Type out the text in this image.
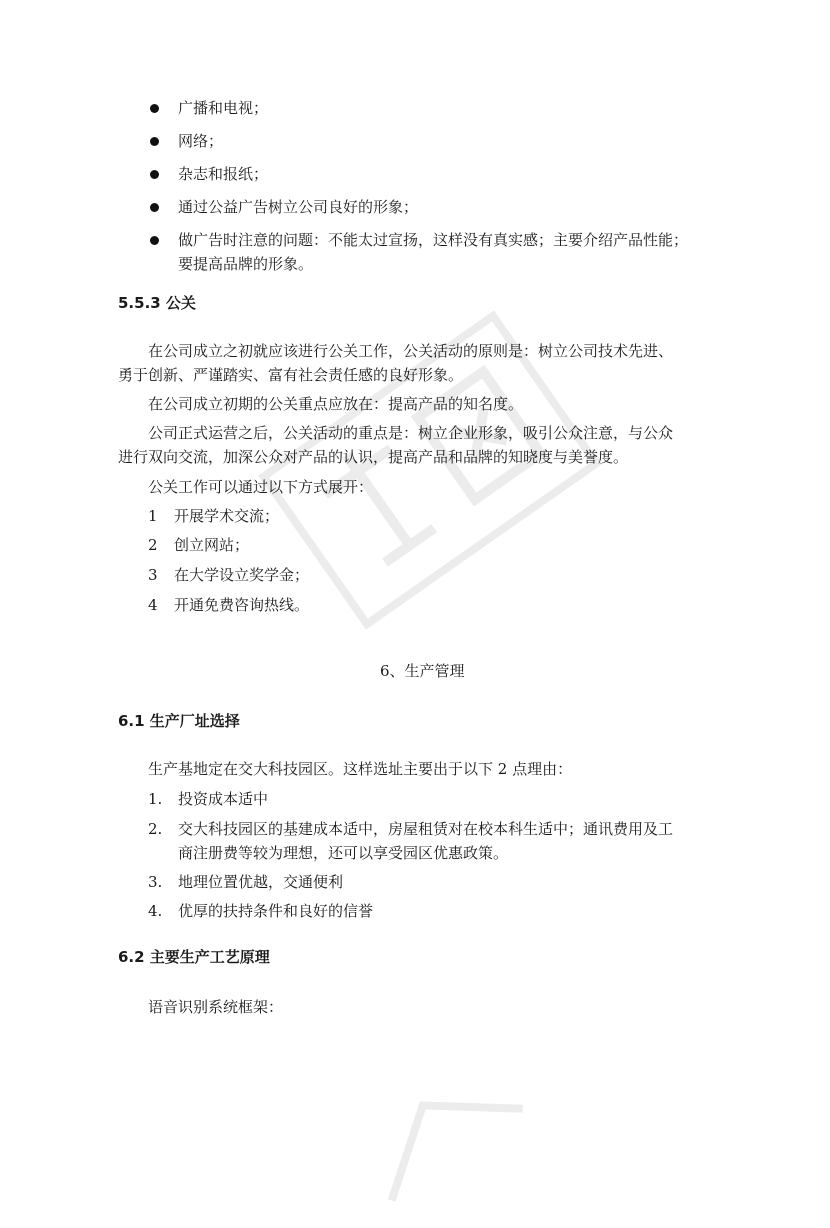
广播和电视；
网络；
杂志和报纸；
通过公益广告树立公司良好的形象；
做广告时注意的问题：不能太过宣扬，这样没有真实感；主要介绍产品性能；
要提高品牌的形象。
5.5.3 公关
在公司成立之初就应该进行公关工作，公关活动的原则是：树立公司技术先进、
勇于创新、严谨踏实、富有社会责任感的良好形象。
在公司成立初期的公关重点应放在：提高产品的知名度。
公司正式运营之后，公关活动的重点是：树立企业形象，吸引公众注意，与公众
进行双向交流，加深公众对产品的认识，提高产品和品牌的知晓度与美誉度。
公关工作可以通过以下方式展开：
1 开展学术交流；
2 创立网站；
3 在大学设立奖学金；
4 开通免费咨询热线。
6、生产管理
6.1 生产厂址选择
生产基地定在交大科技园区。这样选址主要出于以下 2 点理由：
1. 投资成本适中
2. 交大科技园区的基建成本适中，房屋租赁对在校本科生适中；通讯费用及工
商注册费等较为理想，还可以享受园区优惠政策。
3. 地理位置优越，交通便利
4. 优厚的扶持条件和良好的信誉
6.2 主要生产工艺原理
语音识别系统框架：
